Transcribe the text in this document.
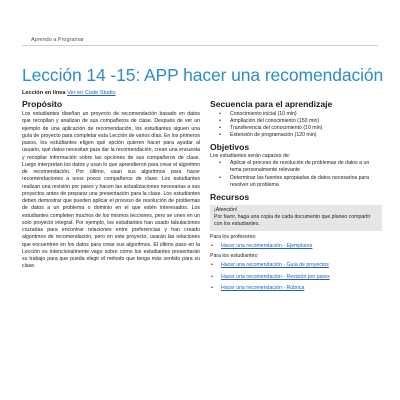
Aprendo a Programar
Lección 14 -15: APP hacer una recomendación
Lección en línea Ver en Code Studio
Propósito

Los estudiantes diseñan un proyecto de recomendación basado en datos que recopilan y analizan de sus compañeros de clase. Después de ver un ejemplo de una aplicación de recomendación, los estudiantes siguen una guía de proyecto para completar esta Lección de varios días. En los primeros pasos, los estudiantes eligen qué opción quieren hacer para ayudar al usuario, qué datos necesitan para dar la recomendación, crean una encuesta y recopilar información sobre las opciones de sus compañeros de clase. Luego interpretan los datos y usan lo que aprendieron para crear el algoritmo de recomendación. Por último, usan sus algoritmos para hacer recomendaciones a unos pocos compañeros de clase. Los estudiantes realizan una revisión por pares y hacen las actualizaciones necesarias a sus proyectos antes de preparar una presentación para la clase. Los estudiantes deben demostrar que pueden aplicar el proceso de resolución de problemas de datos a un problema o dominio en el que estén interesados. Los estudiantes completen muchos de los mismos lecciones, pero se unen en un solo proyecto integral. Por ejemplo, los estudiantes han usado tabulaciones cruzadas para encontrar relaciones entre preferencias y han creado algoritmos de recomendación, pero en este proyecto, usarán las relaciones que encuentren en los datos para crear sus algoritmos. El último paso en la Lección es intencionalmente vago sobre cómo los estudiantes presentarán su trabajo para que pueda elegir el método que tenga más sentido para su clase.

Secuencia para el aprendizaje
• Conocimiento inicial (10 min)
• Ampliación del conocimiento (150 min)
• Transferencia del conocimiento (10 min)
• Extensión de programación (120 min)
Objetivos
Los estudiantes serán capaces de:
• Aplicar el proceso de resolución de problemas de datos a un tema personalmente relevante
• Determinar las fuentes apropiadas de datos necesarios para resolver un problema
Recursos
¡Atención!
Por favor, haga una copia de cada documento que planeo compartir con los estudiantes.
Para los profesores:
• Hacer una recomendación - Ejemplares
Para los estudiantes:
• Hacer una recomendación - Guía de proyectos
• Hacer una recomendación - Revisión por pares
• Hacer una recomendación - Rúbrica
